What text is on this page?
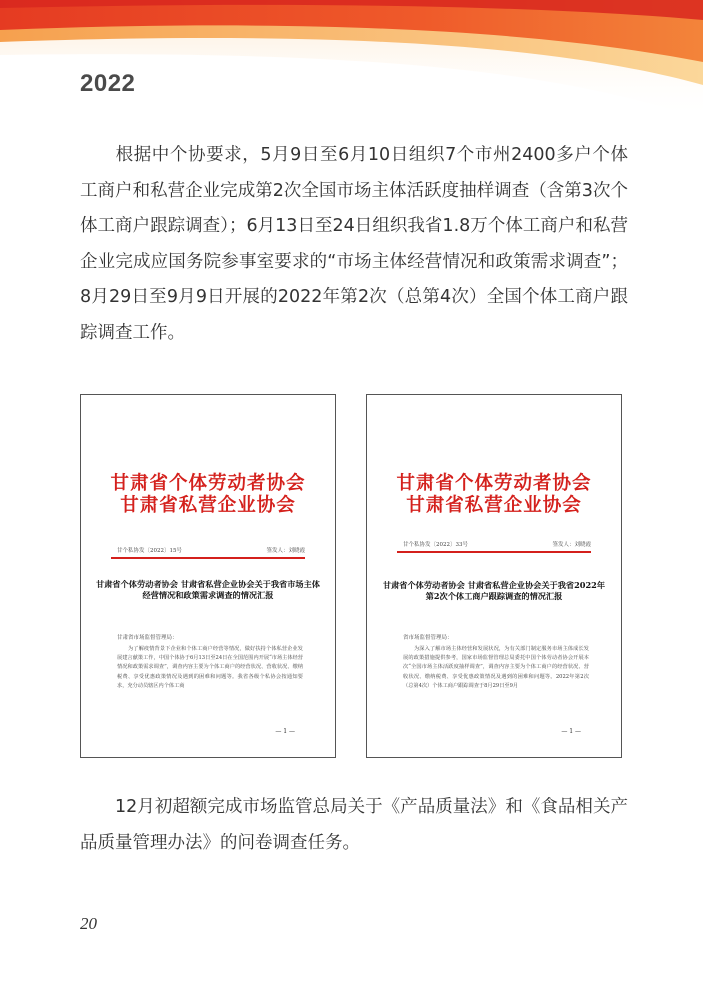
2022
根据中个协要求，5月9日至6月10日组织7个市州2400多户个体工商户和私营企业完成第2次全国市场主体活跃度抽样调查（含第3次个体工商户跟踪调查）；6月13日至24日组织我省1.8万个体工商户和私营企业完成应国务院参事室要求的“市场主体经营情况和政策需求调查”；8月29日至9月9日开展的2022年第2次（总第4次）全国个体工商户跟踪调查工作。
甘肃省个体劳动者协会
甘肃省私营企业协会
甘个私协发〔2022〕15号	签发人：刘晓霞
甘肃省个体劳动者协会 甘肃省私营企业协会关于我省市场主体经营情况和政策需求调查的情况汇报
甘肃省市场监督管理局：
为了解疫情背景下企业和个体工商户经营等情况，做好扶持个体私营企业发展建言献策工作，中国个体协于6月13日至24日在全国范围内开展“市场主体经营情况和政策需求调查”，调查内容主要为个体工商户的经营状况、营收状况、缴纳税费、享受优惠政策情况及遇到的困难和问题等。我省各级个私协会按通知要求，充分动员辖区内个体工商
— 1 —
甘肃省个体劳动者协会
甘肃省私营企业协会
甘个私协发〔2022〕33号	签发人：刘晓霞
甘肃省个体劳动者协会 甘肃省私营企业协会关于我省2022年第2次个体工商户跟踪调查的情况汇报
省市场监督管理局：
为深入了解市场主体经营和发展状况，为有关部门制定服务市场主体成长发展的政策措施提供参考，国家市场监督管理总局委托中国个体劳动者协会开展本次“全国市场主体活跃度抽样调查”，调查内容主要为个体工商户的经营状况、营收状况、缴纳税费、享受优惠政策情况及遇到的困难和问题等。2022年第2次（总第4次）个体工商户跟踪调查于8月29日至9月
— 1 —
12月初超额完成市场监管总局关于《产品质量法》和《食品相关产品质量管理办法》的问卷调查任务。
20
